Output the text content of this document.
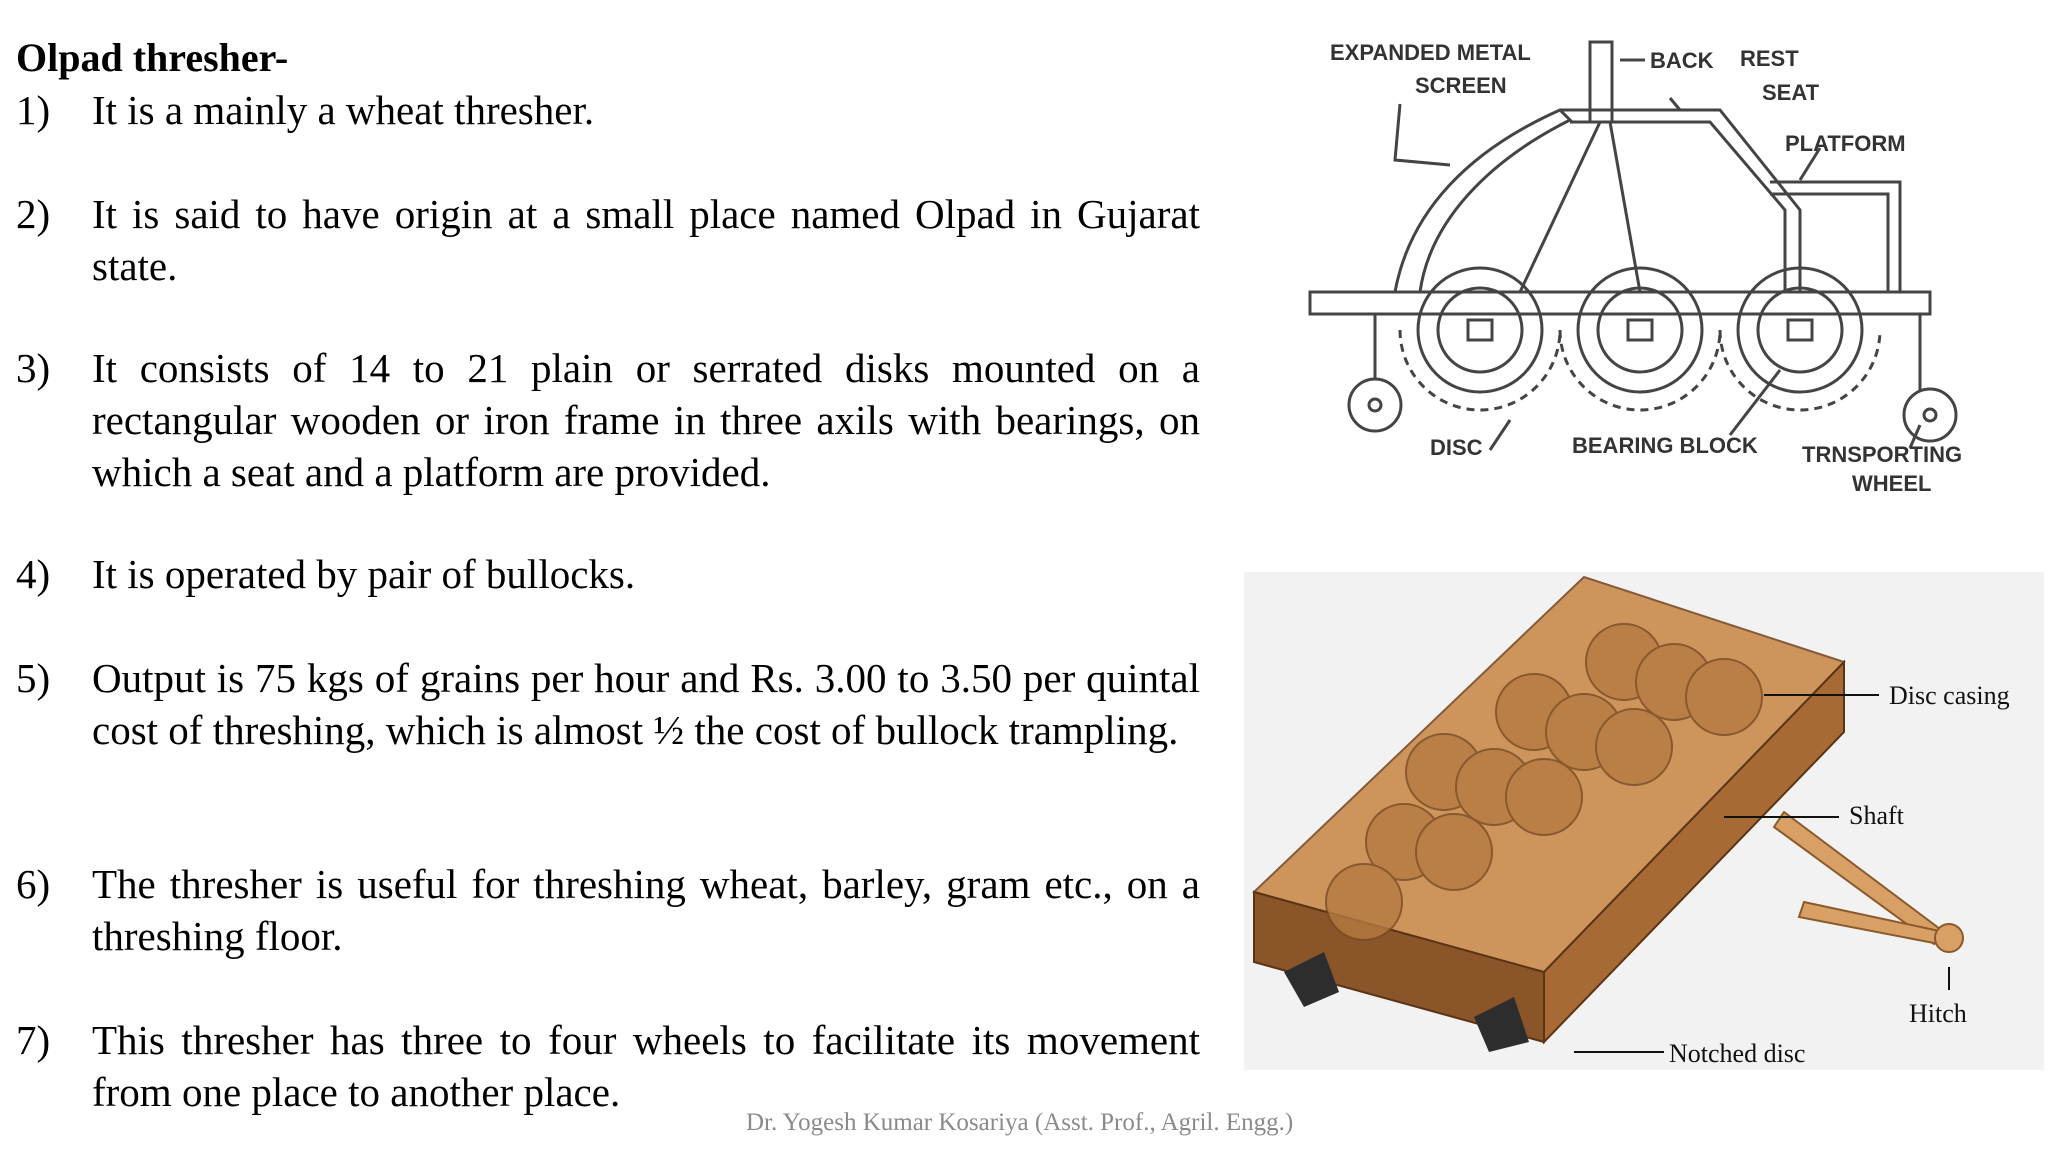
Olpad thresher-
1)	It is a mainly a wheat thresher.
2)	It is said to have origin at a small place named Olpad in Gujarat state.
3)	It consists of 14 to 21 plain or serrated disks mounted on a rectangular wooden or iron frame in three axils with bearings, on which a seat and a platform are provided.
4)	It is operated by pair of bullocks.
5)	Output is 75 kgs of grains per hour and Rs. 3.00 to 3.50 per quintal cost of threshing, which is almost ½ the cost of bullock trampling.
6)	The thresher is useful for threshing wheat, barley, gram etc., on a threshing floor.
7)	This thresher has three to four wheels to facilitate its movement from one place to another place.
Dr. Yogesh Kumar Kosariya (Asst. Prof., Agril. Engg.)
EXPANDED METAL
SCREEN
BACK REST
SEAT
PLATFORM
DISC	BEARING BLOCK TRNSPORTING
WHEEL
Disc casing
Shaft
Hitch
Notched disc
